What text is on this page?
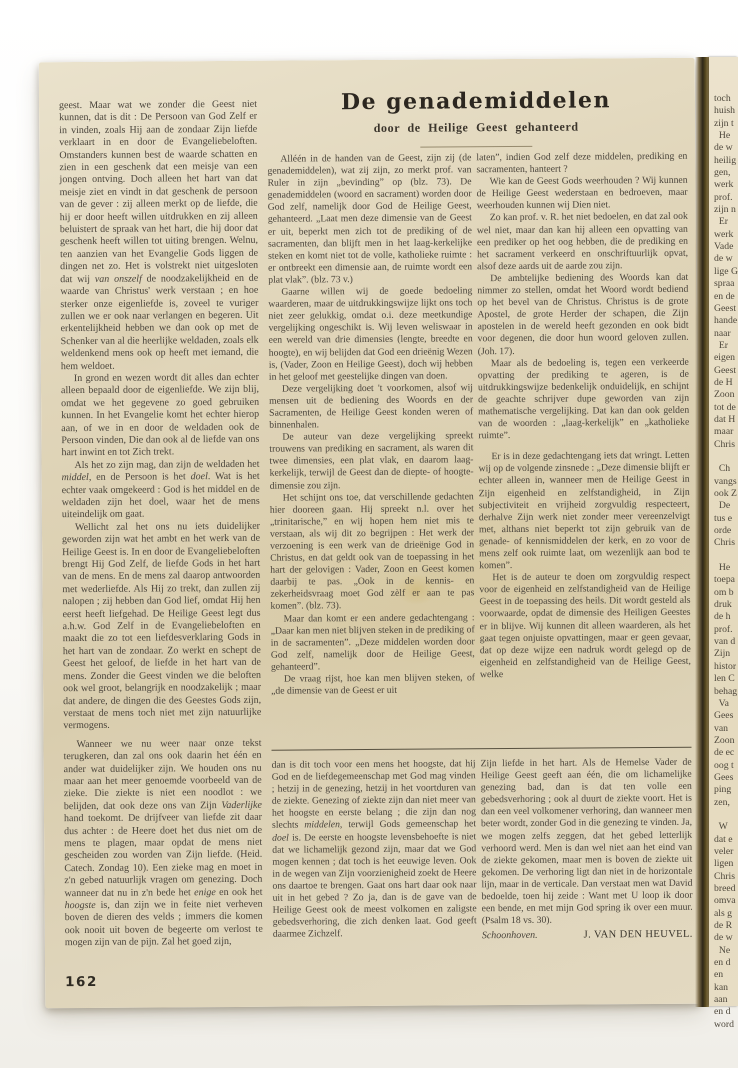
geest. Maar wat we zonder die Geest niet kunnen, dat is dit : De Persoon van God Zelf er in vinden, zoals Hij aan de zondaar Zijn liefde verklaart in en door de Evangeliebeloften. Omstanders kunnen best de waarde schatten en zien in een geschenk dat een meisje van een jongen ontving. Doch alleen het hart van dat meisje ziet en vindt in dat geschenk de persoon van de gever : zij alleen merkt op de liefde, die hij er door heeft willen uitdrukken en zij alleen beluistert de spraak van het hart, die hij door dat geschenk heeft willen tot uiting brengen. Welnu, ten aanzien van het Evangelie Gods liggen de dingen net zo. Het is volstrekt niet uitgesloten dat wij van onszelf de noodzakelijkheid en de waarde van Christus' werk verstaan ; en hoe sterker onze eigenliefde is, zoveel te vuriger zullen we er ook naar verlangen en begeren. Uit erkentelijkheid hebben we dan ook op met de Schenker van al die heerlijke weldaden, zoals elk weldenkend mens ook op heeft met iemand, die hem weldoet.

In grond en wezen wordt dit alles dan echter alleen bepaald door de eigenliefde. We zijn blij, omdat we het gegevene zo goed gebruiken kunnen. In het Evangelie komt het echter hierop aan, of we in en door de weldaden ook de Persoon vinden, Die dan ook al de liefde van ons hart inwint en tot Zich trekt.

Als het zo zijn mag, dan zijn de weldaden het middel, en de Persoon is het doel. Wat is het echter vaak omgekeerd : God is het middel en de weldaden zijn het doel, waar het de mens uiteindelijk om gaat.

Wellicht zal het ons nu iets duidelijker geworden zijn wat het ambt en het werk van de Heilige Geest is. In en door de Evangeliebeloften brengt Hij God Zelf, de liefde Gods in het hart van de mens. En de mens zal daarop antwoorden met wederliefde. Als Hij zo trekt, dan zullen zij nalopen ; zij hebben dan God lief, omdat Hij hen eerst heeft liefgehad. De Heilige Geest legt dus a.h.w. God Zelf in de Evangeliebeloften en maakt die zo tot een liefdesverklaring Gods in het hart van de zondaar. Zo werkt en schept de Geest het geloof, de liefde in het hart van de mens. Zonder die Geest vinden we die beloften ook wel groot, belangrijk en noodzakelijk ; maar dat andere, de dingen die des Geestes Gods zijn, verstaat de mens toch niet met zijn natuurlijke vermogens.

Wanneer we nu weer naar onze tekst terugkeren, dan zal ons ook daarin het één en ander wat duidelijker zijn. We houden ons nu maar aan het meer genoemde voorbeeld van de zieke. Die ziekte is niet een noodlot : we belijden, dat ook deze ons van Zijn Vaderlijke hand toekomt. De drijfveer van liefde zit daar dus achter : de Heere doet het dus niet om de mens te plagen, maar opdat de mens niet gescheiden zou worden van Zijn liefde. (Heid. Catech. Zondag 10). Een zieke mag en moet in z'n gebed natuurlijk vragen om genezing. Doch wanneer dat nu in z'n bede het enige en ook het hoogste is, dan zijn we in feite niet verheven boven de dieren des velds ; immers die komen ook nooit uit boven de begeerte om verlost te mogen zijn van de pijn. Zal het goed zijn,

De genademiddelen
door de Heilige Geest gehanteerd

Alléén in de handen van de Geest, zijn zij (de genademiddelen), wat zij zijn, zo merkt prof. van Ruler in zijn „bevinding” op (blz. 73). De genademiddelen (woord en sacrament) worden door God zelf, namelijk door God de Heilige Geest, gehanteerd. „Laat men deze dimensie van de Geest er uit, beperkt men zich tot de prediking of de sacramenten, dan blijft men in het laag-kerkelijke steken en komt niet tot de volle, katholieke ruimte : er ontbreekt een dimensie aan, de ruimte wordt een plat vlak”. (blz. 73 v.)

Gaarne willen wij de goede bedoeling waarderen, maar de uitdrukkingswijze lijkt ons toch niet zeer gelukkig, omdat o.i. deze meetkundige vergelijking ongeschikt is. Wij leven weliswaar in een wereld van drie dimensies (lengte, breedte en hoogte), en wij belijden dat God een drieënig Wezen is, (Vader, Zoon en Heilige Geest), doch wij hebben in het geloof met geestelijke dingen van doen.

Deze vergelijking doet 't voorkomen, alsof wij mensen uit de bediening des Woords en der Sacramenten, de Heilige Geest konden weren of binnenhalen.

De auteur van deze vergelijking spreekt trouwens van prediking en sacrament, als waren dit twee dimensies, een plat vlak, en daarom laag-kerkelijk, terwijl de Geest dan de diepte- of hoogte-dimensie zou zijn.

Het schijnt ons toe, dat verschillende gedachten hier dooreen gaan. Hij spreekt n.l. over het „trinitarische,” en wij hopen hem niet mis te verstaan, als wij dit zo begrijpen : Het werk der verzoening is een werk van de drieënige God in Christus, en dat geldt ook van de toepassing in het hart der gelovigen : Vader, Zoon en Geest komen daarbij te pas. „Ook in de kennis- en zekerheidsvraag moet God zèlf er aan te pas komen”. (blz. 73).

Maar dan komt er een andere gedachtengang : „Daar kan men niet blijven steken in de prediking of in de sacramenten”. „Deze middelen worden door God zelf, namelijk door de Heilige Geest, gehanteerd”.

De vraag rijst, hoe kan men blijven steken, of „de dimensie van de Geest er uit

laten”, indien God zelf deze middelen, prediking en sacramenten, hanteert ?

Wie kan de Geest Gods weerhouden ? Wij kunnen de Heilige Geest wederstaan en bedroeven, maar weerhouden kunnen wij Dien niet.

Zo kan prof. v. R. het niet bedoelen, en dat zal ook wel niet, maar dan kan hij alleen een opvatting van een prediker op het oog hebben, die de prediking en het sacrament verkeerd en onschriftuurlijk opvat, alsof deze aards uit de aarde zou zijn.

De ambtelijke bediening des Woords kan dat nimmer zo stellen, omdat het Woord wordt bediend op het bevel van de Christus. Christus is de grote Apostel, de grote Herder der schapen, die Zijn apostelen in de wereld heeft gezonden en ook bidt voor degenen, die door hun woord geloven zullen. (Joh. 17).

Maar als de bedoeling is, tegen een verkeerde opvatting der prediking te ageren, is de uitdrukkingswijze bedenkelijk onduidelijk, en schijnt de geachte schrijver dupe geworden van zijn mathematische vergelijking. Dat kan dan ook gelden van de woorden : „laag-kerkelijk” en „katholieke ruimte”.

Er is in deze gedachtengang iets dat wringt. Letten wij op de volgende zinsnede : „Deze dimensie blijft er echter alleen in, wanneer men de Heilige Geest in Zijn eigenheid en zelfstandigheid, in Zijn subjectiviteit en vrijheid zorgvuldig respecteert, derhalve Zijn werk niet zonder meer vereenzelvigt met, althans niet beperkt tot zijn gebruik van de genade- of kennismiddelen der kerk, en zo voor de mens zelf ook ruimte laat, om wezenlijk aan bod te komen”.

Het is de auteur te doen om zorgvuldig respect voor de eigenheid en zelfstandigheid van de Heilige Geest in de toepassing des heils. Dit wordt gesteld als voorwaarde, opdat de dimensie des Heiligen Geestes er in blijve. Wij kunnen dit alleen waarderen, als het gaat tegen onjuiste opvattingen, maar er geen gevaar, dat op deze wijze een nadruk wordt gelegd op de eigenheid en zelfstandigheid van de Heilige Geest, welke

dan is dit toch voor een mens het hoogste, dat hij God en de liefdegemeenschap met God mag vinden ; hetzij in de genezing, hetzij in het voortduren van de ziekte. Genezing of ziekte zijn dan niet meer van het hoogste en eerste belang ; die zijn dan nog slechts middelen, terwijl Gods gemeenschap het doel is. De eerste en hoogste levensbehoefte is niet dat we lichamelijk gezond zijn, maar dat we God mogen kennen ; dat toch is het eeuwige leven. Ook in de wegen van Zijn voorzienigheid zoekt de Heere ons daartoe te brengen. Gaat ons hart daar ook naar uit in het gebed ? Zo ja, dan is de gave van de Heilige Geest ook de meest volkomen en zaligste gebedsverhoring, die zich denken laat. God geeft daarmee Zichzelf.

Zijn liefde in het hart. Als de Hemelse Vader de Heilige Geest geeft aan één, die om lichamelijke genezing bad, dan is dat ten volle een gebedsverhoring ; ook al duurt de ziekte voort. Het is dan een veel volkomener verhoring, dan wanneer men beter wordt, zonder God in die genezing te vinden. Ja, we mogen zelfs zeggen, dat het gebed letterlijk verhoord werd. Men is dan wel niet aan het eind van de ziekte gekomen, maar men is boven de ziekte uit gekomen. De verhoring ligt dan niet in de horizontale lijn, maar in de verticale. Dan verstaat men wat David bedoelde, toen hij zeide : Want met U loop ik door een bende, en met mijn God spring ik over een muur. (Psalm 18 vs. 30).

Schoonhoven.	J. VAN DEN HEUVEL.
162
toch
huish
zijn t
He
de w
heilig
gen,
werk
prof.
zijn n
Er
werk
Vade
de w
lige G
spraa
en de
Geest
hande
naar
Er
eigen
Geest
de H
Zoon
tot de
dat H
maar
Chris
Ch
vangs
ook Z
De
tus e
orde
Chris
He
toepa
om b
druk
de h
prof.
van d
Zijn
histor
len C
behag
Va
Gees
van
Zoon
de ec
oog t
Gees
ping
zen,
W
dat e
veler
ligen
Chris
breed
omva
als g
de R
de w
Ne
en d
en
kan
aan
en d
word
